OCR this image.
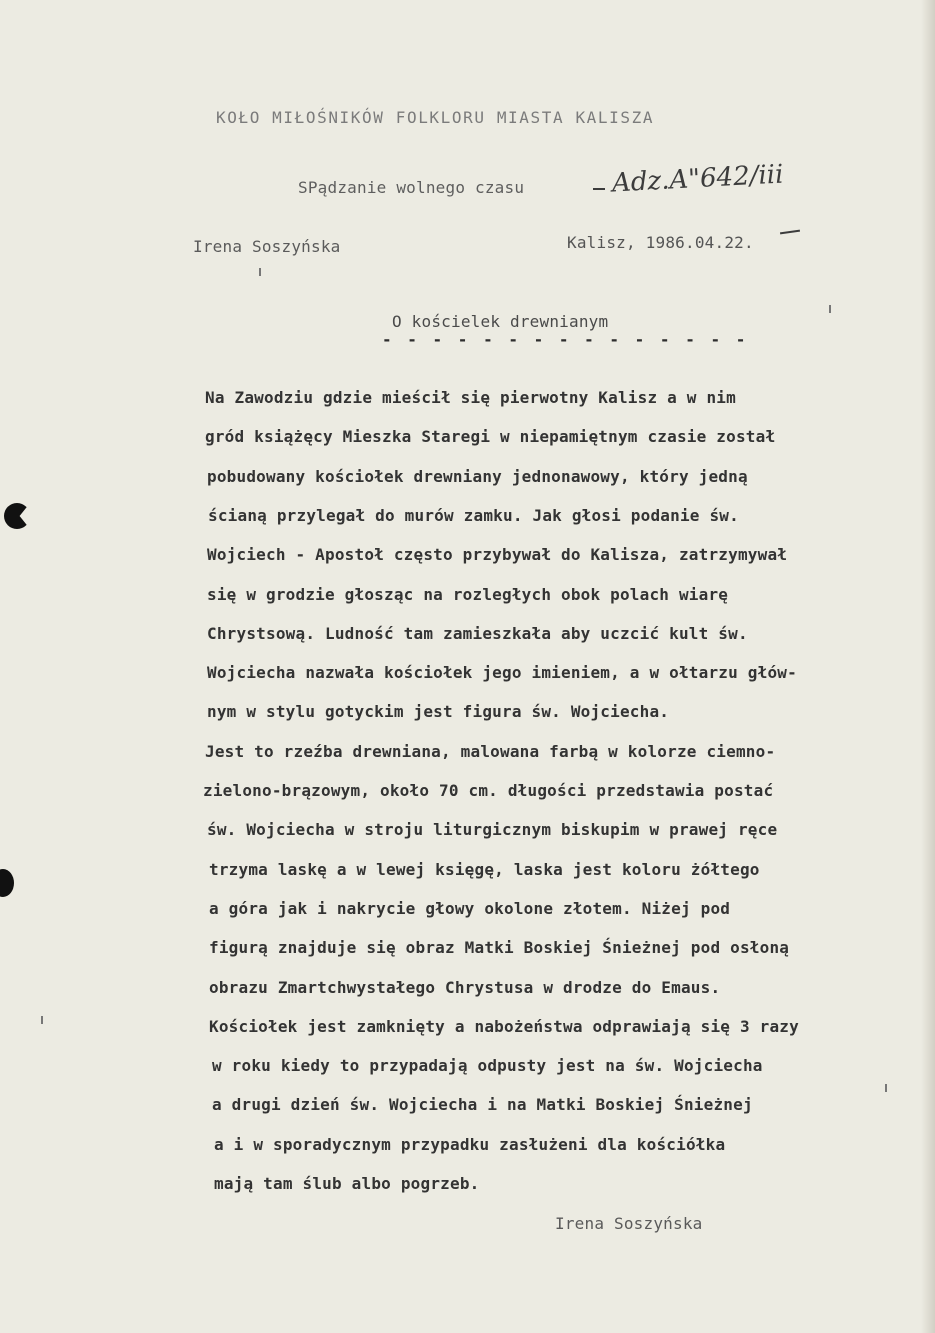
KOŁO MIŁOŚNIKÓW FOLKLORU MIASTA KALISZA
SPądzanie wolnego czasu	Adz.A"642/iii
Irena Soszyńska	Kalisz, 1986.04.22.
O kościelek drewnianym
- - - - - - - - - - - - - - -
Na Zawodziu gdzie mieścił się pierwotny Kalisz a w nim
gród książęcy Mieszka Staregi w niepamiętnym czasie został
pobudowany kościołek drewniany jednonawowy, który jedną
ścianą przylegał do murów zamku. Jak głosi podanie św.
Wojciech - Apostoł często przybywał do Kalisza, zatrzymywał
się w grodzie głosząc na rozległych obok polach wiarę
Chrystsową. Ludność tam zamieszkała aby uczcić kult św.
Wojciecha nazwała kościołek jego imieniem, a w ołtarzu głów-
nym w stylu gotyckim jest figura św. Wojciecha.
Jest to rzeźba drewniana, malowana farbą w kolorze ciemno-
zielono-brązowym, około 70 cm. długości przedstawia postać
św. Wojciecha w stroju liturgicznym biskupim w prawej ręce
trzyma laskę a w lewej księgę, laska jest koloru żółtego
a góra jak i nakrycie głowy okolone złotem. Niżej pod
figurą znajduje się obraz Matki Boskiej Śnieżnej pod osłoną
obrazu Zmartchwystałego Chrystusa w drodze do Emaus.
Kościołek jest zamknięty a nabożeństwa odprawiają się 3 razy
w roku kiedy to przypadają odpusty jest na św. Wojciecha
a drugi dzień św. Wojciecha i na Matki Boskiej Śnieżnej
a i w sporadycznym przypadku zasłużeni dla kościółka
mają tam ślub albo pogrzeb.
Irena Soszyńska
